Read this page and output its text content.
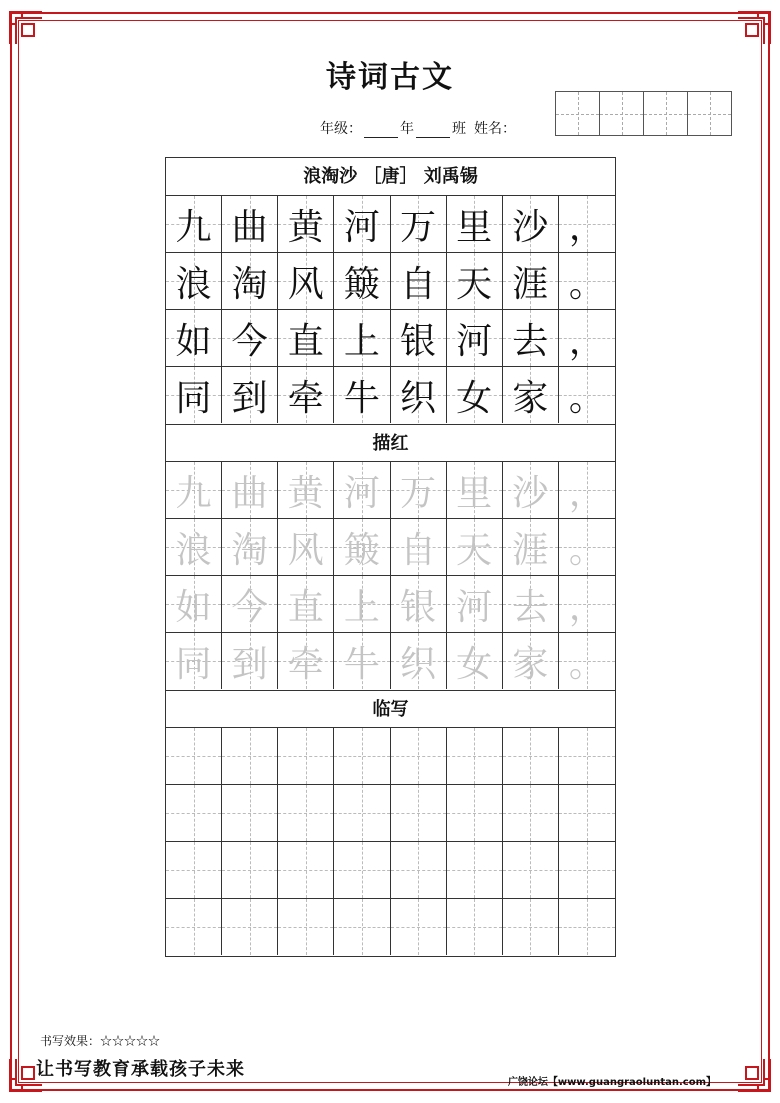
诗词古文
年级：	年	班 姓名：
浪淘沙 ［唐］ 刘禹锡
九 曲 黄 河 万 里 沙 ，
浪 淘 风 簸 自 天 涯 。
如 今 直 上 银 河 去 ，
同 到 牵 牛 织 女 家 。
描红
九 曲 黄 河 万 里 沙 ，
浪 淘 风 簸 自 天 涯 。
如 今 直 上 银 河 去 ，
同 到 牵 牛 织 女 家 。
临写
书写效果：☆☆☆☆☆
让书写教育承载孩子未来
广饶论坛【www.guangraoluntan.com】
